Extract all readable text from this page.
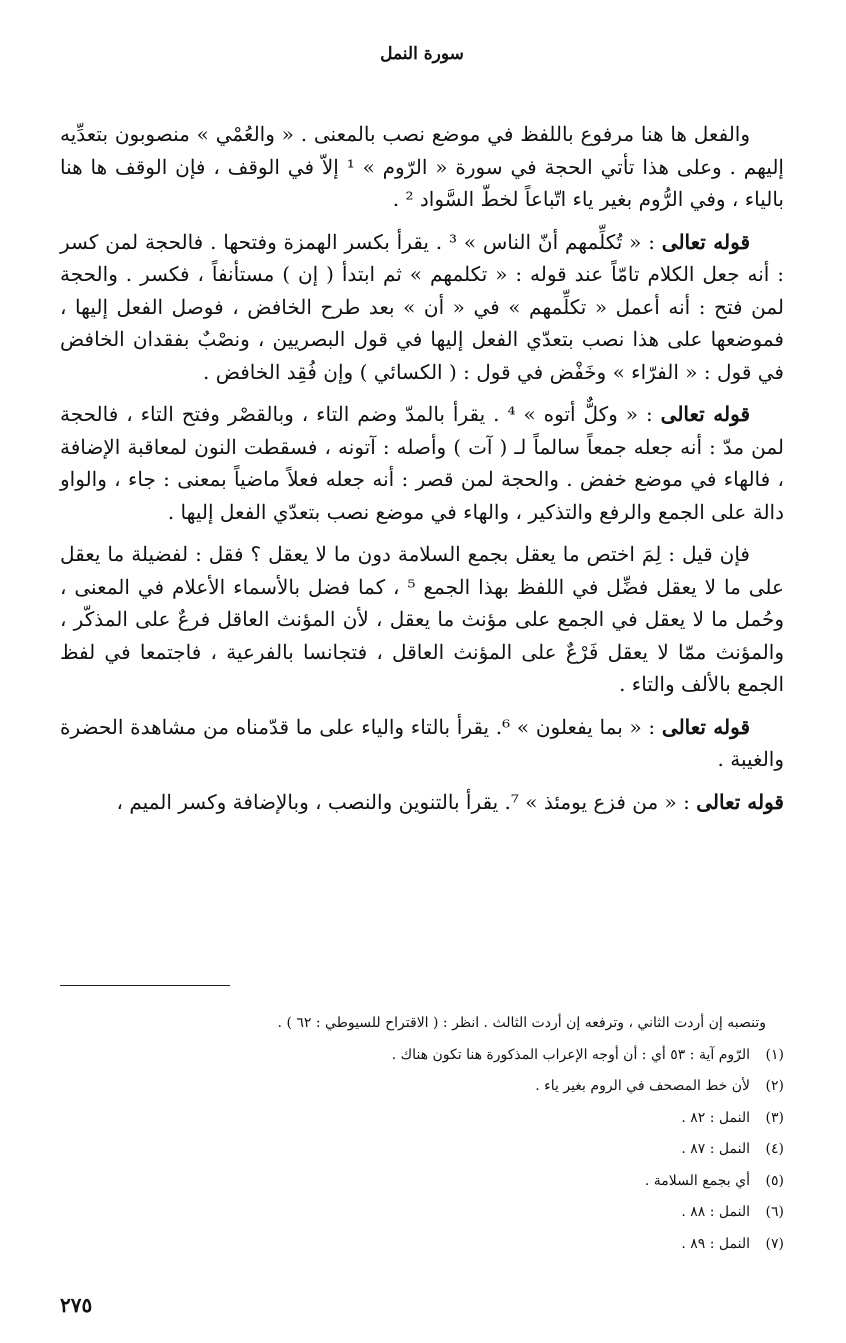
سورة النمل

والفعل ها هنا مرفوع باللفظ في موضع نصب بالمعنى . « والعُمْي » منصوبون بتعدِّيه إليهم . وعلى هذا تأتي الحجة في سورة « الرّوم » ¹ إلاّ في الوقف ، فإن الوقف ها هنا بالياء ، وفي الرُّوم بغير ياء اتّباعاً لخطّ السَّواد ² .

قوله تعالى : « تُكلِّمهم أنّ الناس » ³ . يقرأ بكسر الهمزة وفتحها . فالحجة لمن كسر : أنه جعل الكلام تامّاً عند قوله : « تكلمهم » ثم ابتدأ ( إن ) مستأنفاً ، فكسر . والحجة لمن فتح : أنه أعمل « تكلِّمهم » في « أن » بعد طرح الخافض ، فوصل الفعل إليها ، فموضعها على هذا نصب بتعدّي الفعل إليها في قول البصريين ، ونصْبٌ بفقدان الخافض في قول : « الفرّاء » وخَفْض في قول : ( الكسائي ) وإن فُقِد الخافض .

قوله تعالى : « وكلٌّ أتوه » ⁴ . يقرأ بالمدّ وضم التاء ، وبالقصْر وفتح التاء ، فالحجة لمن مدّ : أنه جعله جمعاً سالماً لـ ( آت ) وأصله : آتونه ، فسقطت النون لمعاقبة الإضافة ، فالهاء في موضع خفض . والحجة لمن قصر : أنه جعله فعلاً ماضياً بمعنى : جاء ، والواو دالة على الجمع والرفع والتذكير ، والهاء في موضع نصب بتعدّي الفعل إليها .

فإن قيل : لِمَ اختص ما يعقل بجمع السلامة دون ما لا يعقل ؟ فقل : لفضيلة ما يعقل على ما لا يعقل فضِّل في اللفظ بهذا الجمع ⁵ ، كما فضل بالأسماء الأعلام في المعنى ، وحُمل ما لا يعقل في الجمع على مؤنث ما يعقل ، لأن المؤنث العاقل فرعٌ على المذكّر ، والمؤنث ممّا لا يعقل فَرْعٌ على المؤنث العاقل ، فتجانسا بالفرعية ، فاجتمعا في لفظ الجمع بالألف والتاء .

قوله تعالى : « بما يفعلون » ⁶. يقرأ بالتاء والياء على ما قدّمناه من مشاهدة الحضرة والغيبة .

قوله تعالى : « من فزع يومئذ » ⁷. يقرأ بالتنوين والنصب ، وبالإضافة وكسر الميم ،

وتنصبه إن أردت الثاني ، وترفعه إن أردت الثالث . انظر : ( الاقتراح للسيوطي : ٦٢ ) .
(١)
الرّوم آية : ٥٣ أي : أن أوجه الإعراب المذكورة هنا تكون هناك .
(٢)
لأن خط المصحف في الروم بغير ياء .
(٣)
النمل : ٨٢ .
(٤)
النمل : ٨٧ .
(٥)
أي بجمع السلامة .
(٦)
النمل : ٨٨ .
(٧)
النمل : ٨٩ .
٢٧٥
